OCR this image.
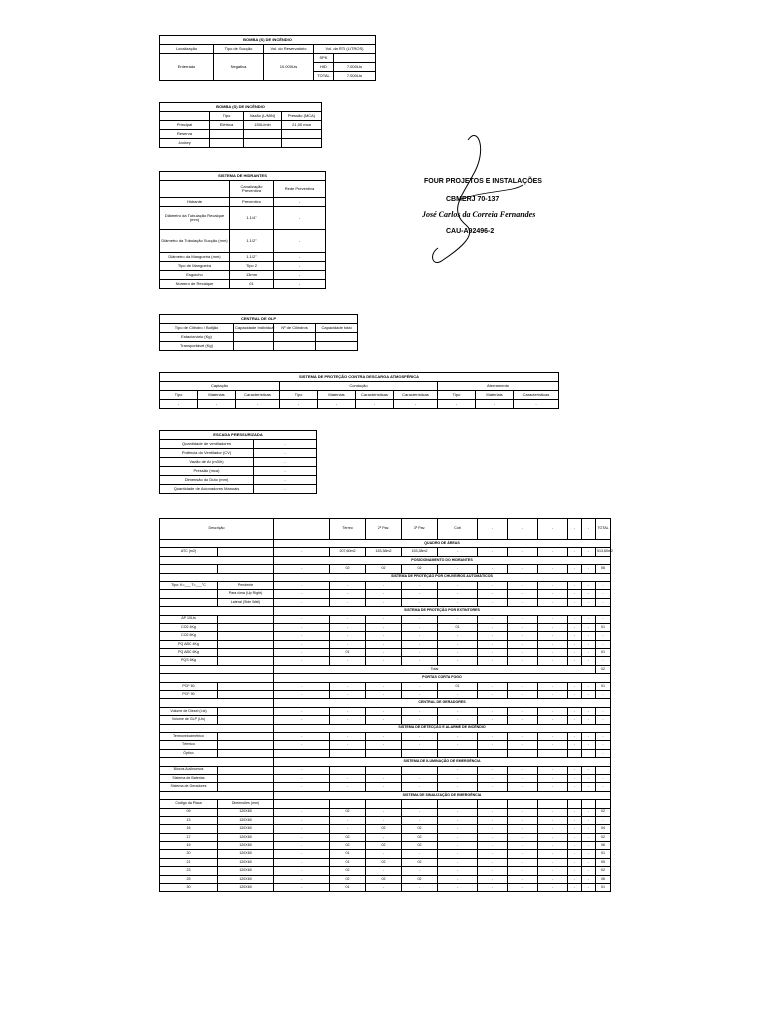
BOMBA (S) DE INCÊNDIO				
Localização	Tipo de Sucção	Vol. do Reservatório	Vol. da RTI (LITROS)	
Enterrado	Negativa	10.000Lts	SPK	
			HID	7.000Lts
			TOTAL	7.000Lts
BOMBA (S) DE INCÊNDIO			
	Tipo	Vazão (L/MIN)	Pressão (MCA)
Principal	Elétrica	150L/min	21,00 mca
Reserva			
Jockey			
SISTEMA DE HIDRANTES		
	Canalização Preventiva	Rede Preventiva
Hidrante	Preventivo	-
Diâmetro da Tubulação Recalque (mm)	1.1/4"	-
Diâmetro da Tubulação Sucção (mm)	1.1/2"	-
Diâmetro da Mangueira (mm)	1.1/2"	-
Tipo de Mangueira	Tipo 2	-
Esguicho	13mm	-
Número de Recalque	01	-
FOUR PROJETOS E INSTALAÇÕES
CBMERJ 70-137
José Carlos da Correia Fernandes
CAU-A92496-2
CENTRAL DE GLP			
Tipo de Cilindro / Botijão	Capacidade Individual	Nº de Cilindros	Capacidade total
Estacionário (Kg)			
Transportável (Kg)			
SISTEMA DE PROTEÇÃO CONTRA DESCARGA ATMOSFÉRICA									
Captação			Condução				Aterramento		
Tipo	Materiais	Características	Tipo	Materiais	Características	Características	Tipo	Materiais	Características
-	-	-	-	-	-	-	-	-	-
ESCADA PRESSURIZADA	
Quantidade de ventiladores	-
Potência do Ventilador (CV)	-
Vazão de Ar (m3/h)	-
Pressão (mca)	-
Dimensão do Duto (mm)	-
Quantidade de Acionadores Manuais	-
Descrição			Térreo	2º Pav.	3º Pav.	Cob	-	-	-	-	-	TOTAL
		QUADRO DE ÁREAS										
ATC (m2)		-	207,60m2	153,38m2	153,38m2	-	-	-	-	-	-	513,60m2
		POSICIONAMENTO DO HIDRANTES										
		-	02	02	02	-	-	-	-	-	-	06
		SISTEMA DE PROTEÇÃO POR CHUVEIROS AUTOMÁTICOS										
Tipo: K=___ T=___°C	Pendente	-	-	-	-	-	-	-	-	-	-	-
	Para cima (Up Right)	-	-	-	-	-	-	-	-	-	-	-
	Lateral (Side Wall)	-	-	-	-	-	-	-	-	-	-	-
		SISTEMA DE PROTEÇÃO POR EXTINTORES										
AP 10Lts		-	-	-	-	-	-	-	-	-	-	-
CO2 4Kg		-	-	-	-	01	-	-	-	-	-	01
CO2 6Kg		-	-	-	-	-	-	-	-	-	-	-
PQ ABC 4Kg		-	-	-	-	-	-	-	-	-	-	-
PQ ABC 6Kg		-	01	-	-	-	-	-	-	-	-	01
PQS 6Kg		-	-	-	-	-	-	-	-	-	-	-
		Total										02
		PORTAS CORTA FOGO										
PCF 60		-	-	-	-	01	-	-	-	-	-	01
PCF 90		-	-	-	-	-	-	-	-	-	-	-
		CENTRAL DE GERADORES										
Volume de Diesel (Lts)		-	-	-	-	-	-	-	-	-	-	-
Volume de GLP (Lts)		-	-	-	-	-	-	-	-	-	-	-
		SISTEMA DE DETECÇÃO E ALARME DE INCÊNDIO										
Termovelocimétrico		-	-	-	-	-	-	-	-	-	-	-
Térmico		-	-	-	-	-	-	-	-	-	-	-
Óptico												-
		SISTEMA DE ILUMINAÇÃO DE EMERGÊNCIA										
Blocos Autônomos		-				-	-	-	-	-	-	
Sistema de Baterias		-	-	-	-	-	-	-	-	-	-	-
Sistema de Geradores		-	-	-	-	-	-	-	-	-	-	-
		SISTEMA DE SINALIZAÇÃO DE EMERGÊNCIA										
Código da Placa	Dimensões (mm)											
09	120X60	-	02	-	-	-	-	-	-	-	-	02
13	120X60	-	-	-	-	-	-	-	-	-	-	-
16	120X60	-	-	02	02	-	-	-	-	-	-	04
17	120X60	-	02	-	02	-	-	-	-	-	-	02
19	120X60	-	02	02	02	-	-	-	-	-	-	06
20	120X60	-	01	-	-	-	-	-	-	-	-	01
21	120X60	-	01	02	02	-	-	-	-	-	-	05
23	120X60	-	02	-	-	-	-	-	-	-	-	02
25	120X60	-	02	02	02	-	-	-	-	-	-	06
30	120X60	-	01	-	-	-	-	-	-	-	-	01
